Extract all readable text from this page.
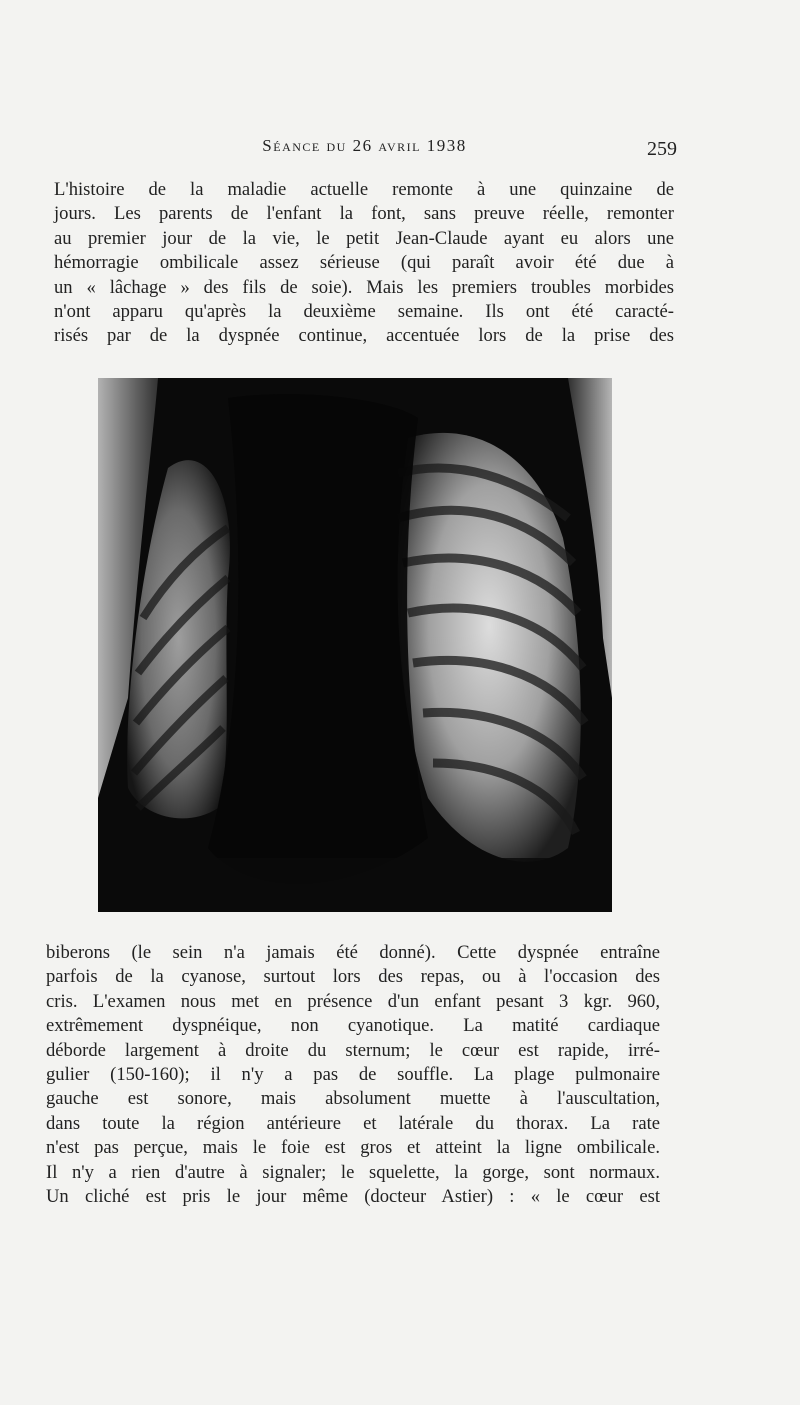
Séance du 26 avril 1938	259
L'histoire de la maladie actuelle remonte à une quinzaine de
jours. Les parents de l'enfant la font, sans preuve réelle, remonter
au premier jour de la vie, le petit Jean-Claude ayant eu alors une
hémorragie ombilicale assez sérieuse (qui paraît avoir été due à
un « lâchage » des fils de soie). Mais les premiers troubles morbides
n'ont apparu qu'après la deuxième semaine. Ils ont été caracté-
risés par de la dyspnée continue, accentuée lors de la prise des
biberons (le sein n'a jamais été donné). Cette dyspnée entraîne
parfois de la cyanose, surtout lors des repas, ou à l'occasion des
cris. L'examen nous met en présence d'un enfant pesant 3 kgr. 960,
extrêmement dyspnéique, non cyanotique. La matité cardiaque
déborde largement à droite du sternum; le cœur est rapide, irré-
gulier (150-160); il n'y a pas de souffle. La plage pulmonaire
gauche est sonore, mais absolument muette à l'auscultation,
dans toute la région antérieure et latérale du thorax. La rate
n'est pas perçue, mais le foie est gros et atteint la ligne ombilicale.
Il n'y a rien d'autre à signaler; le squelette, la gorge, sont normaux.
Un cliché est pris le jour même (docteur Astier) : « le cœur est
